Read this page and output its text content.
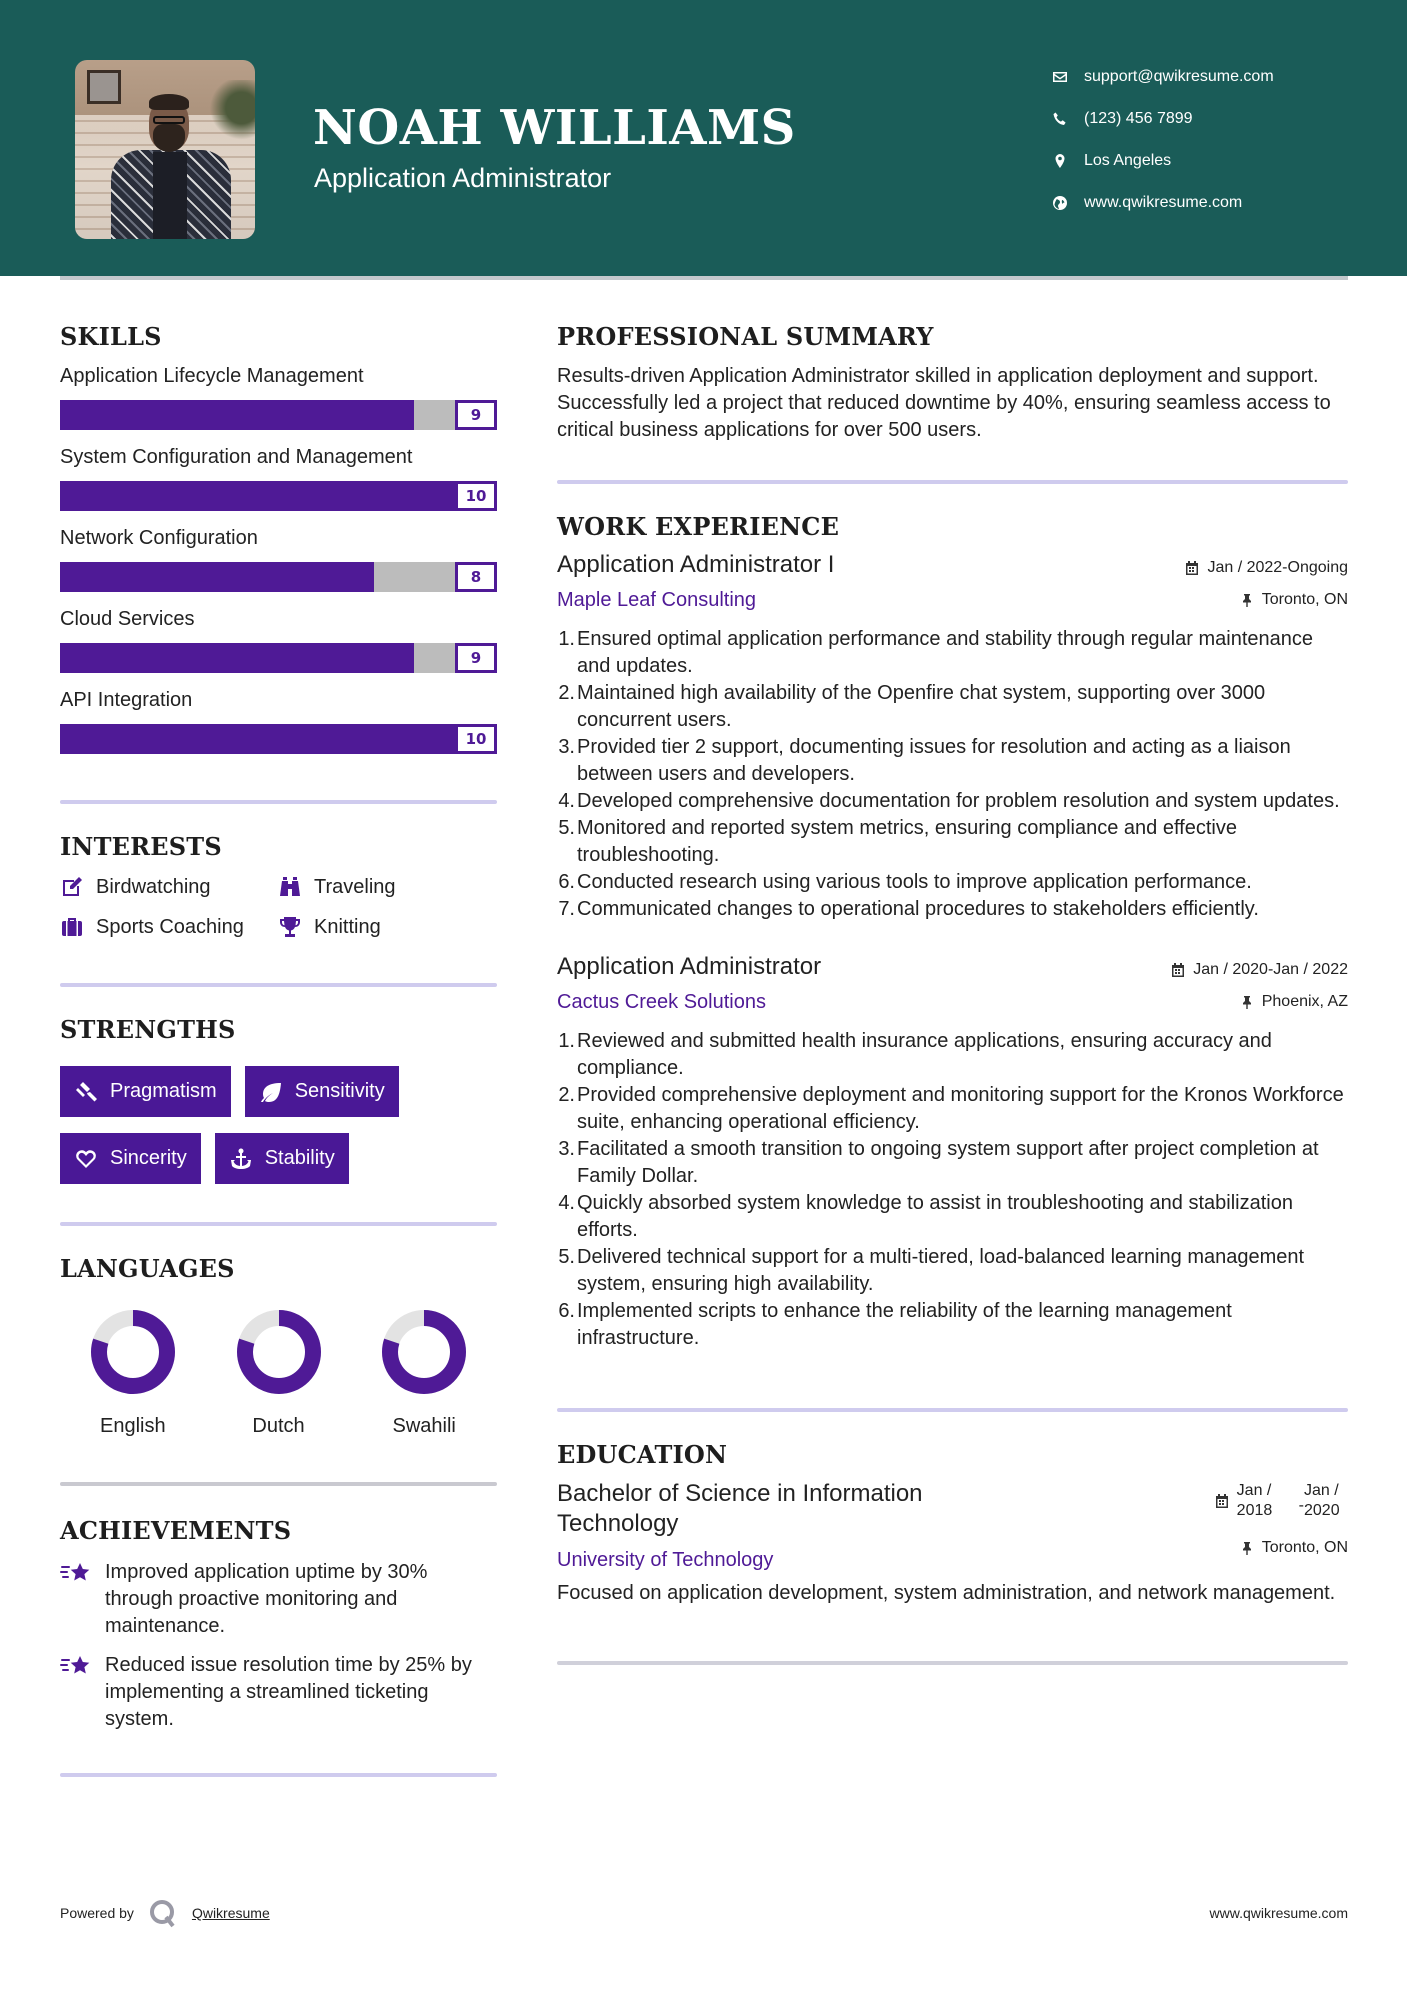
NOAH WILLIAMS
Application Administrator
support@qwikresume.com
(123) 456 7899
Los Angeles
www.qwikresume.com
SKILLS
Application Lifecycle Management
9
System Configuration and Management
10
Network Configuration
8
Cloud Services
9
API Integration
10
INTERESTS
Birdwatching	Traveling
Sports Coaching	Knitting
STRENGTHS
Pragmatism	Sensitivity
Sincerity	Stability
LANGUAGES
English	Dutch	Swahili
ACHIEVEMENTS
Improved application uptime by 30% through proactive monitoring and maintenance.
Reduced issue resolution time by 25% by implementing a streamlined ticketing system.
PROFESSIONAL SUMMARY
Results-driven Application Administrator skilled in application deployment and support. Successfully led a project that reduced downtime by 40%, ensuring seamless access to critical business applications for over 500 users.
WORK EXPERIENCE
Application Administrator I
Maple Leaf Consulting
Jan / 2022-Ongoing
Toronto, ON
1. Ensured optimal application performance and stability through regular maintenance and updates.
2. Maintained high availability of the Openfire chat system, supporting over 3000 concurrent users.
3. Provided tier 2 support, documenting issues for resolution and acting as a liaison between users and developers.
4. Developed comprehensive documentation for problem resolution and system updates.
5. Monitored and reported system metrics, ensuring compliance and effective troubleshooting.
6. Conducted research using various tools to improve application performance.
7. Communicated changes to operational procedures to stakeholders efficiently.
Application Administrator
Cactus Creek Solutions
Jan / 2020-Jan / 2022
Phoenix, AZ
1. Reviewed and submitted health insurance applications, ensuring accuracy and compliance.
2. Provided comprehensive deployment and monitoring support for the Kronos Workforce suite, enhancing operational efficiency.
3. Facilitated a smooth transition to ongoing system support after project completion at Family Dollar.
4. Quickly absorbed system knowledge to assist in troubleshooting and stabilization efforts.
5. Delivered technical support for a multi-tiered, load-balanced learning management system, ensuring high availability.
6. Implemented scripts to enhance the reliability of the learning management infrastructure.
EDUCATION
Bachelor of Science in Information Technology
University of Technology
Jan /
2018	-
Jan /
2020
Toronto, ON
Focused on application development, system administration, and network management.
Powered by	Qwikresume	www.qwikresume.com
